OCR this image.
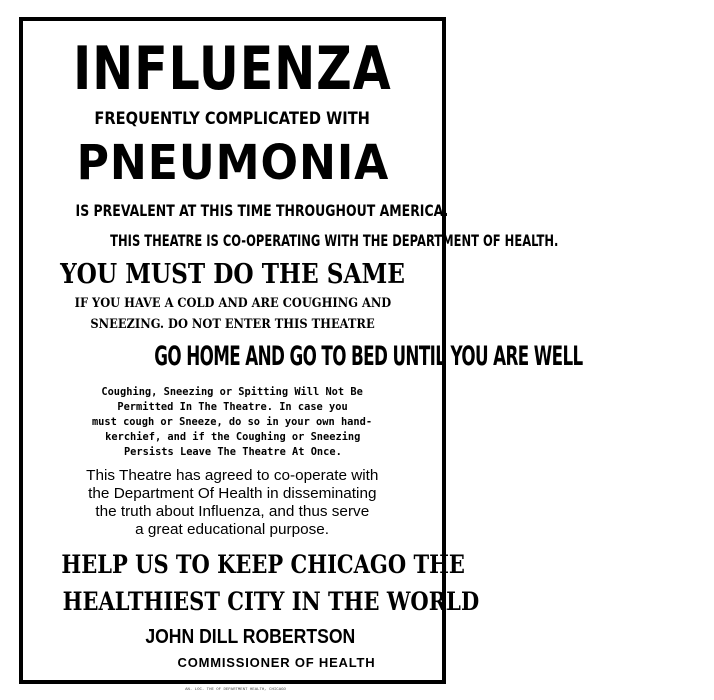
INFLUENZA
FREQUENTLY COMPLICATED WITH
PNEUMONIA
IS PREVALENT AT THIS TIME THROUGHOUT AMERICA.
THIS THEATRE IS CO-OPERATING WITH THE DEPARTMENT OF HEALTH.
YOU MUST DO THE SAME
IF YOU HAVE A COLD AND ARE COUGHING AND
SNEEZING. DO NOT ENTER THIS THEATRE
GO HOME AND GO TO BED UNTIL YOU ARE WELL
Coughing, Sneezing or Spitting Will Not Be
Permitted In The Theatre. In case you
must cough or Sneeze, do so in your own hand-
kerchief, and if the Coughing or Sneezing
Persists Leave The Theatre At Once.
This Theatre has agreed to co-operate with
the Department Of Health in disseminating
the truth about Influenza, and thus serve
a great educational purpose.
HELP US TO KEEP CHICAGO THE
HEALTHIEST CITY IN THE WORLD
JOHN DILL ROBERTSON
COMMISSIONER OF HEALTH
AN. LOC. THE OF DEPARTMENT HEALTH, CHICAGO
